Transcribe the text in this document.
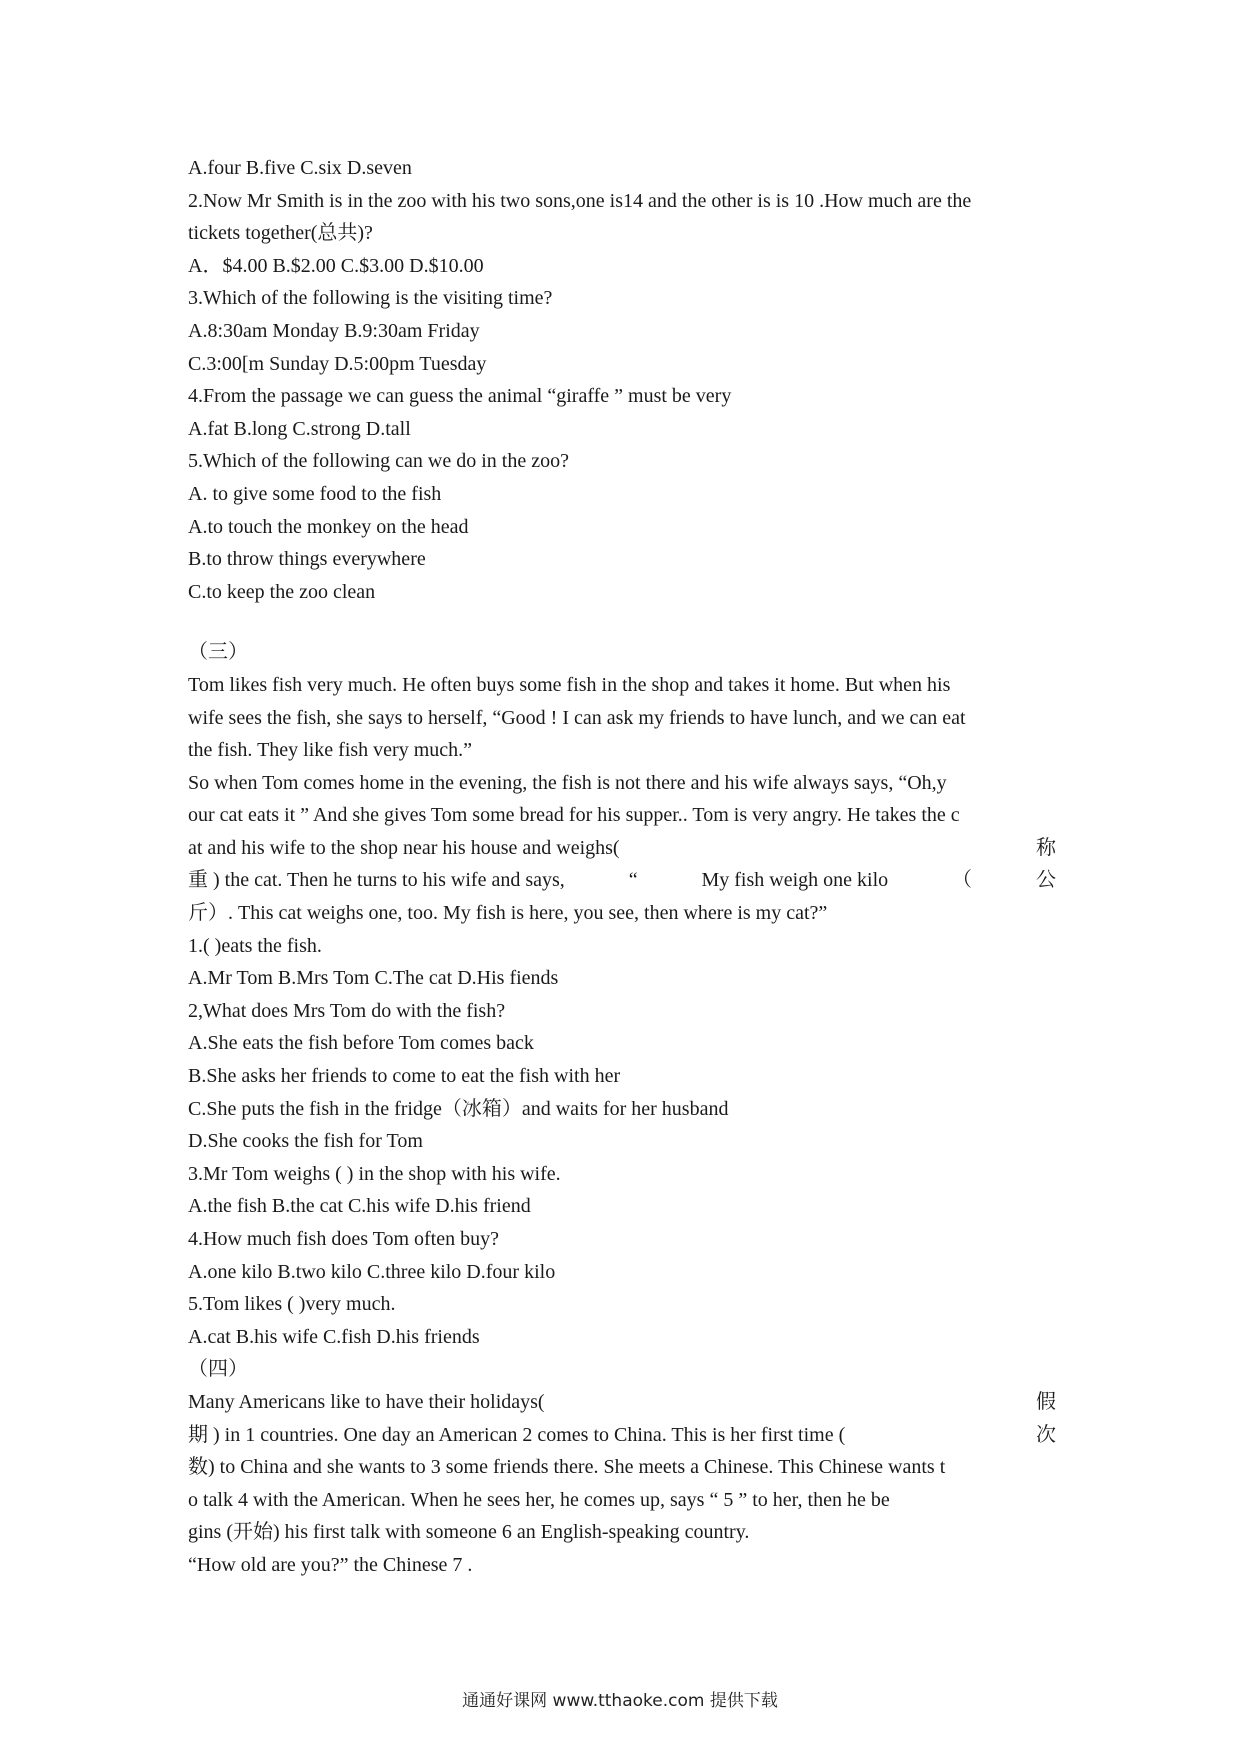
A.four B.five C.six D.seven
2.Now Mr Smith is in the zoo with his two sons,one is14 and the other is is 10 .How much are the
tickets together(总共)?
A．$4.00 B.$2.00 C.$3.00 D.$10.00
3.Which of the following is the visiting time?
A.8:30am Monday B.9:30am Friday
C.3:00[m Sunday D.5:00pm Tuesday
4.From the passage we can guess the animal “giraffe ” must be very
A.fat B.long C.strong D.tall
5.Which of the following can we do in the zoo?
A. to give some food to the fish
A.to touch the monkey on the head
B.to throw things everywhere
C.to keep the zoo clean
（三）
Tom likes fish very much. He often buys some fish in the shop and takes it home. But when his
wife sees the fish, she says to herself, “Good ! I can ask my friends to have lunch, and we can eat
the fish. They like fish very much.”
So when Tom comes home in the evening, the fish is not there and his wife always says, “Oh,y
our cat eats it ” And she gives Tom some bread for his supper.. Tom is very angry. He takes the c
at and his wife to the shop near his house and weighs(	称
重 ) the cat. Then he turns to his wife and says,	“	My fish weigh one kilo	（	公
斤）. This cat weighs one, too. My fish is here, you see, then where is my cat?”
1.( )eats the fish.
A.Mr Tom B.Mrs Tom C.The cat D.His fiends
2,What does Mrs Tom do with the fish?
A.She eats the fish before Tom comes back
B.She asks her friends to come to eat the fish with her
C.She puts the fish in the fridge（冰箱）and waits for her husband
D.She cooks the fish for Tom
3.Mr Tom weighs ( ) in the shop with his wife.
A.the fish B.the cat C.his wife D.his friend
4.How much fish does Tom often buy?
A.one kilo B.two kilo C.three kilo D.four kilo
5.Tom likes ( )very much.
A.cat B.his wife C.fish D.his friends
（四）
Many Americans like to have their holidays(	假
期 ) in 1 countries. One day an American 2 comes to China. This is her first time (	次
数) to China and she wants to 3 some friends there. She meets a Chinese. This Chinese wants t
o talk 4 with the American. When he sees her, he comes up, says “ 5 ” to her, then he be
gins (开始) his first talk with someone 6 an English-speaking country.
“How old are you?” the Chinese 7 .
通通好课网 www.tthaoke.com 提供下载
